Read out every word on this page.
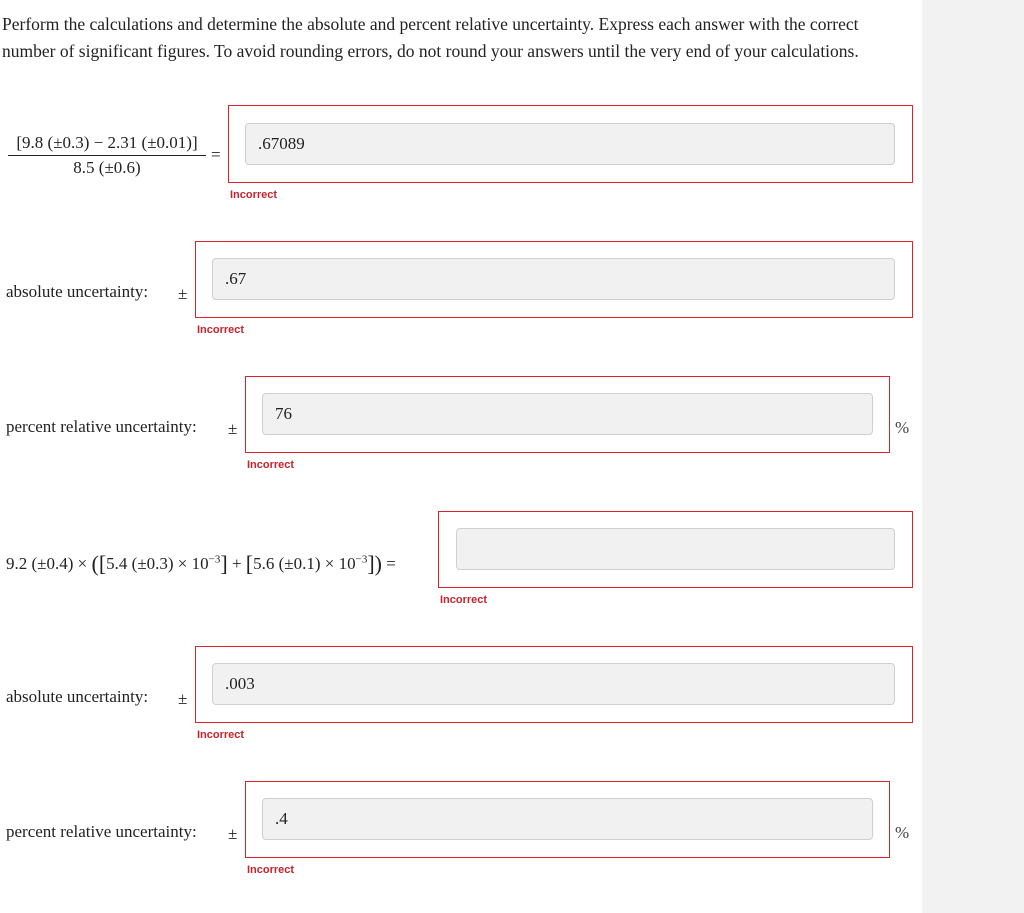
Perform the calculations and determine the absolute and percent relative uncertainty. Express each answer with the correct number of significant figures. To avoid rounding errors, do not round your answers until the very end of your calculations.
$\frac{[9.8 (\pm 0.3) - 2.31 (\pm 0.01)]}{8.5 (\pm 0.6)}$ =
.67089
Incorrect
absolute uncertainty: ±
.67
Incorrect
percent relative uncertainty: ±
76	%
Incorrect
9.2 (±0.4) × ([5.4 $(\pm 0.3) \times 10^{-3}] + [5.6$ $(\pm 0.1) \times 10^{-3}$]) =
Incorrect
absolute uncertainty: ±
.003
Incorrect
percent relative uncertainty: ±
.4	%
Incorrect
